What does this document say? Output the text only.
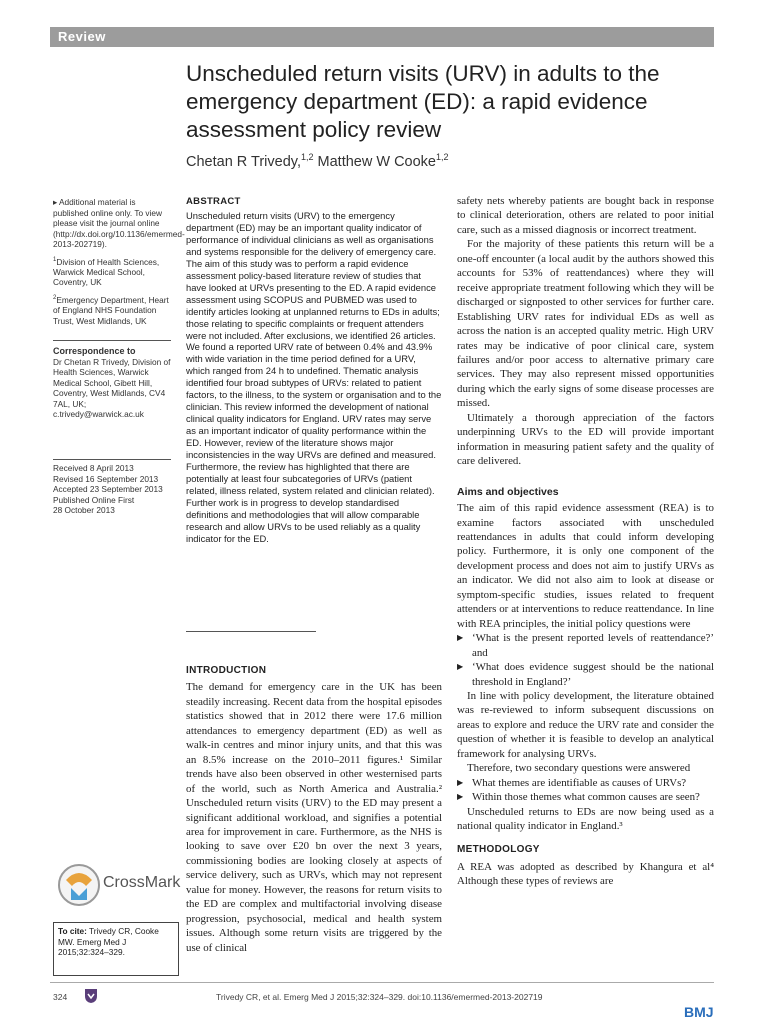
Review
Unscheduled return visits (URV) in adults to the emergency department (ED): a rapid evidence assessment policy review
Chetan R Trivedy,$^{1,2}$ Matthew W Cooke$^{1,2}$

▸ Additional material is published online only. To view please visit the journal online (http://dx.doi.org/10.1136/emermed-2013-202719).

$^1$Division of Health Sciences, Warwick Medical School, Coventry, UK

$^2$Emergency Department, Heart of England NHS Foundation Trust, West Midlands, UK

Correspondence to

Dr Chetan R Trivedy, Division of Health Sciences, Warwick Medical School, Gibett Hill, Coventry, West Midlands, CV4 7AL, UK; c.trivedy@warwick.ac.uk

Received 8 April 2013
Revised 16 September 2013
Accepted 23 September 2013
Published Online First
28 October 2013
CrossMark
To cite: Trivedy CR, Cooke MW. Emerg Med J 2015;32:324–329.
ABSTRACT
Unscheduled return visits (URV) to the emergency department (ED) may be an important quality indicator of performance of individual clinicians as well as organisations and systems responsible for the delivery of emergency care. The aim of this study was to perform a rapid evidence assessment policy-based literature review of studies that have looked at URVs presenting to the ED. A rapid evidence assessment using SCOPUS and PUBMED was used to identify articles looking at unplanned returns to EDs in adults; those relating to specific complaints or frequent attenders were not included. After exclusions, we identified 26 articles. We found a reported URV rate of between 0.4% and 43.9% with wide variation in the time period defined for a URV, which ranged from 24 h to undefined. Thematic analysis identified four broad subtypes of URVs: related to patient factors, to the illness, to the system or organisation and to the clinician. This review informed the development of national clinical quality indicators for England. URV rates may serve as an important indicator of quality performance within the ED. However, review of the literature shows major inconsistencies in the way URVs are defined and measured. Furthermore, the review has highlighted that there are potentially at least four subcategories of URVs (patient related, illness related, system related and clinician related). Further work is in progress to develop standardised definitions and methodologies that will allow comparable research and allow URVs to be used reliably as a quality indicator for the ED.
INTRODUCTION

The demand for emergency care in the UK has been steadily increasing. Recent data from the hospital episodes statistics showed that in 2012 there were 17.6 million attendances to emergency department (ED) as well as walk-in centres and minor injury units, and that this was an 8.5% increase on the 2010–2011 figures.¹ Similar trends have also been observed in other westernised parts of the world, such as North America and Australia.² Unscheduled return visits (URV) to the ED may present a significant additional workload, and signifies a potential area for improvement in care. Furthermore, as the NHS is looking to save over £20 bn over the next 3 years, commissioning bodies are looking closely at aspects of service delivery, such as URVs, which may not represent value for money. However, the reasons for return visits to the ED are complex and multifactorial involving disease progression, psychosocial, medical and health system issues. Although some return visits are triggered by the use of clinical

safety nets whereby patients are bought back in response to clinical deterioration, others are related to poor initial care, such as a missed diagnosis or incorrect treatment.

For the majority of these patients this return will be a one-off encounter (a local audit by the authors showed this accounts for 53% of reattendances) where they will receive appropriate treatment following which they will be discharged or signposted to other services for further care. Establishing URV rates for individual EDs as well as across the nation is an accepted quality metric. High URV rates may be indicative of poor clinical care, system failures and/or poor access to alternative primary care services. They may also represent missed opportunities during which the early signs of some disease processes are missed.

Ultimately a thorough appreciation of the factors underpinning URVs to the ED will provide important information in measuring patient safety and the quality of care delivered.

Aims and objectives

The aim of this rapid evidence assessment (REA) is to examine factors associated with unscheduled reattendances in adults that could inform developing policy. Furthermore, it is only one component of the development process and does not aim to justify URVs as an indicator. We did not also aim to look at disease or symptom-specific studies, issues related to frequent attenders or at interventions to reduce reattendance. In line with REA principles, the initial policy questions were

▶ ‘What is the present reported levels of reattendance?’ and
▶ ‘What does evidence suggest should be the national threshold in England?’

In line with policy development, the literature obtained was re-reviewed to inform subsequent discussions on areas to explore and reduce the URV rate and consider the question of whether it is feasible to develop an analytical framework for analysing URVs.

Therefore, two secondary questions were answered

▶ What themes are identifiable as causes of URVs?
▶ Within those themes what common causes are seen?

Unscheduled returns to EDs are now being used as a national quality indicator in England.³

METHODOLOGY

A REA was adopted as described by Khangura et al⁴ Although these types of reviews are

324	Trivedy CR, et al. Emerg Med J 2015;32:324–329. doi:10.1136/emermed-2013-202719
BMJ
